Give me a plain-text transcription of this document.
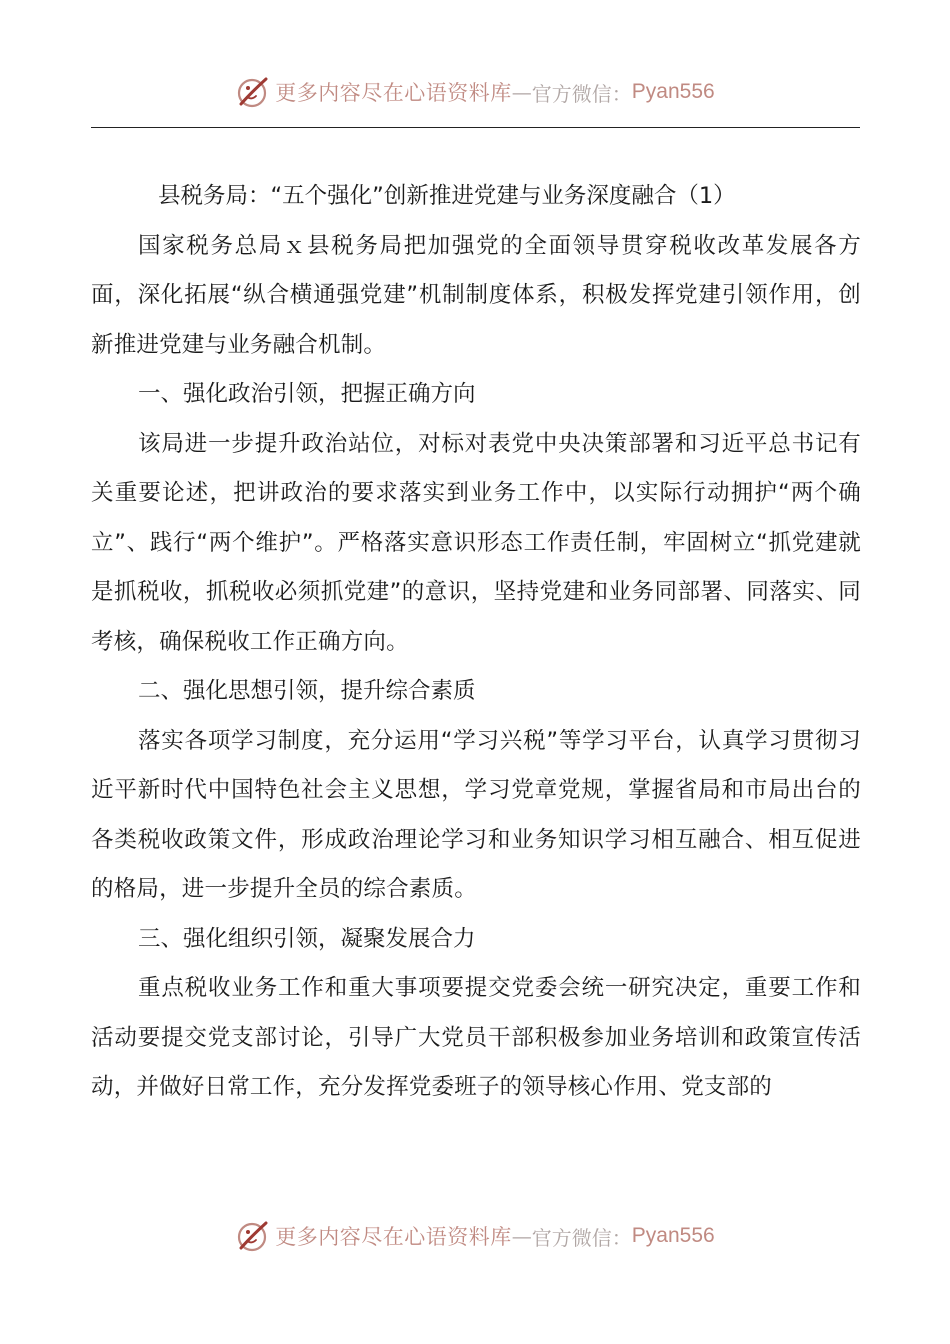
更多内容尽在心语资料库 — 官方微信： Pyan556
县税务局：“五个强化”创新推进党建与业务深度融合（1）

国家税务总局ｘ县税务局把加强党的全面领导贯穿税收改革发展各方面，深化拓展“纵合横通强党建”机制制度体系，积极发挥党建引领作用，创新推进党建与业务融合机制。

一、强化政治引领，把握正确方向

该局进一步提升政治站位，对标对表党中央决策部署和习近平总书记有关重要论述，把讲政治的要求落实到业务工作中，以实际行动拥护“两个确立”、践行“两个维护”。严格落实意识形态工作责任制，牢固树立“抓党建就是抓税收，抓税收必须抓党建”的意识，坚持党建和业务同部署、同落实、同考核，确保税收工作正确方向。

二、强化思想引领，提升综合素质

落实各项学习制度，充分运用“学习兴税”等学习平台，认真学习贯彻习近平新时代中国特色社会主义思想，学习党章党规，掌握省局和市局出台的各类税收政策文件，形成政治理论学习和业务知识学习相互融合、相互促进的格局，进一步提升全员的综合素质。

三、强化组织引领，凝聚发展合力

重点税收业务工作和重大事项要提交党委会统一研究决定，重要工作和活动要提交党支部讨论，引导广大党员干部积极参加业务培训和政策宣传活动，并做好日常工作，充分发挥党委班子的领导核心作用、党支部的

更多内容尽在心语资料库 — 官方微信： Pyan556
